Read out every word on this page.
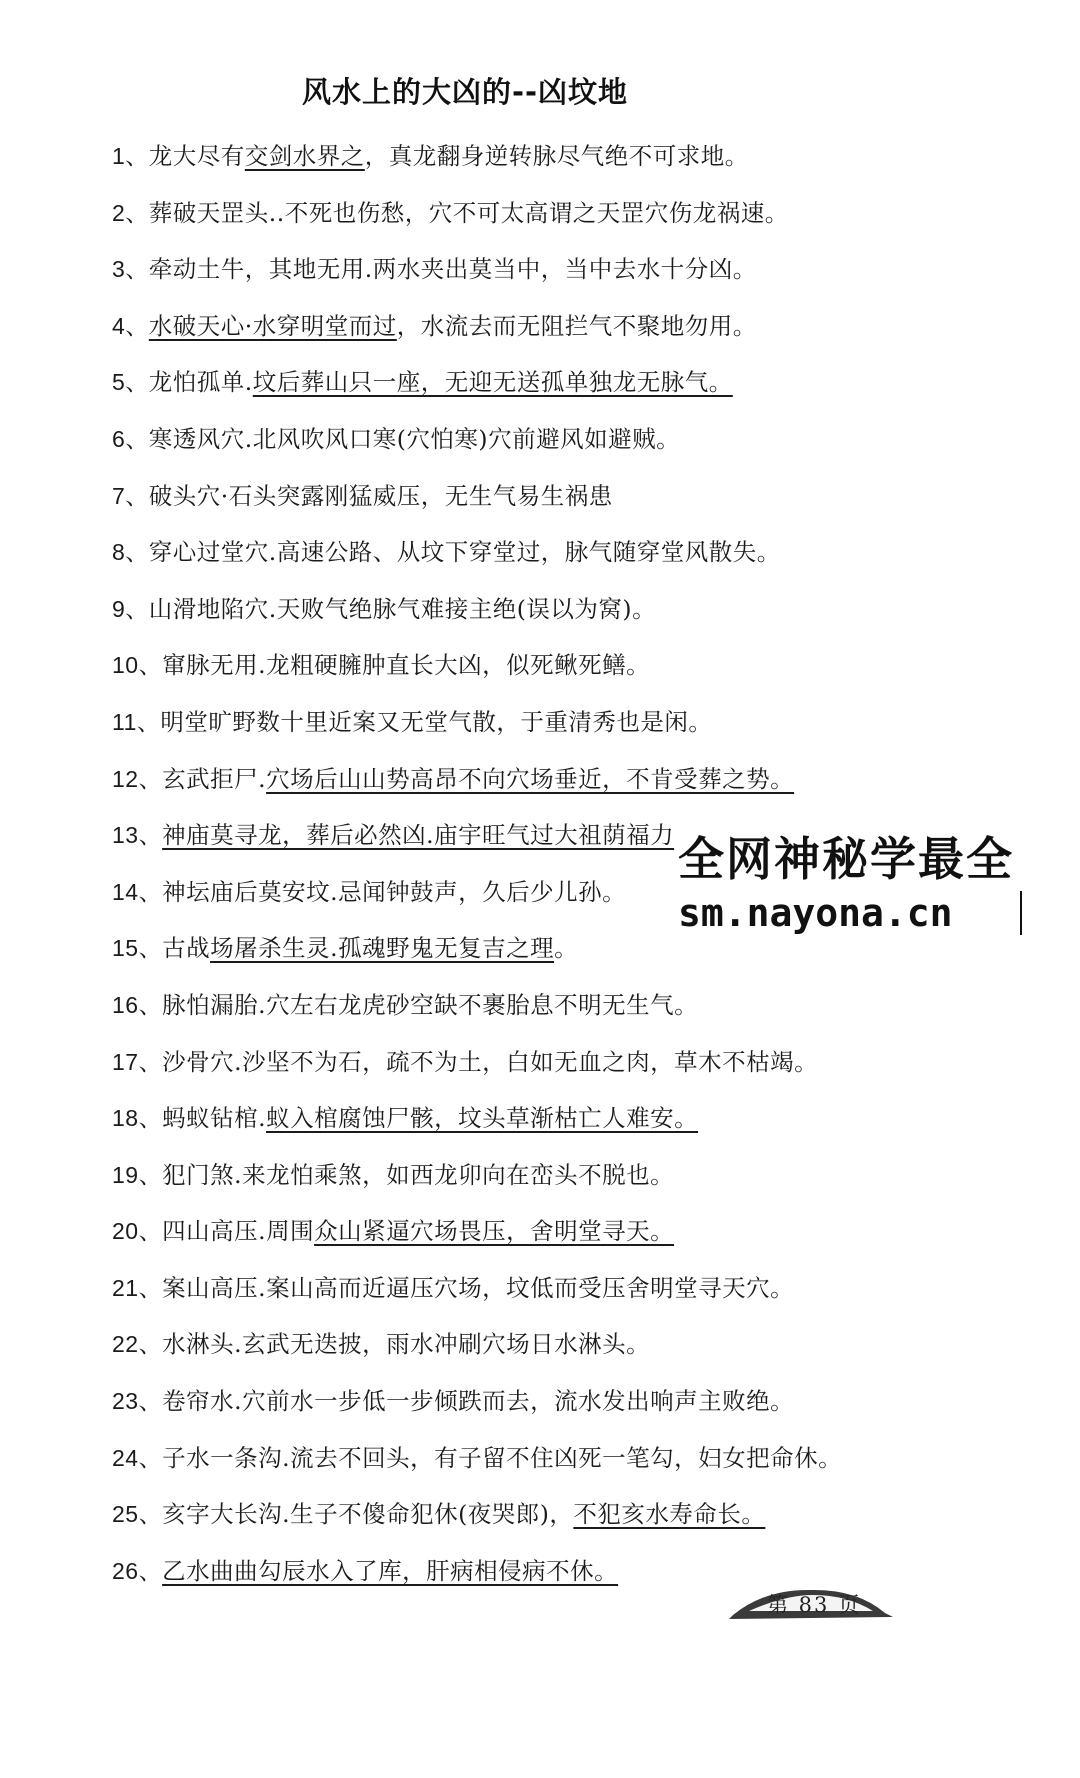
风水上的大凶的--凶坟地
1、龙大尽有交剑水界之，真龙翻身逆转脉尽气绝不可求地。
2、葬破天罡头..不死也伤愁，穴不可太高谓之天罡穴伤龙祸速。
3、牵动土牛，其地无用.两水夹出莫当中，当中去水十分凶。
4、水破天心·水穿明堂而过，水流去而无阻拦气不聚地勿用。
5、龙怕孤单.坟后葬山只一座，无迎无送孤单独龙无脉气。
6、寒透风穴.北风吹风口寒(穴怕寒)穴前避风如避贼。
7、破头穴·石头突露刚猛威压，无生气易生祸患
8、穿心过堂穴.高速公路、从坟下穿堂过，脉气随穿堂风散失。
9、山滑地陷穴.天败气绝脉气难接主绝(误以为窝)。
10、窜脉无用.龙粗硬臃肿直长大凶，似死鳅死鳝。
11、明堂旷野数十里近案又无堂气散，于重清秀也是闲。
12、玄武拒尸.穴场后山山势高昂不向穴场垂近，不肯受葬之势。
13、神庙莫寻龙，葬后必然凶.庙宇旺气过大祖荫福力
14、神坛庙后莫安坟.忌闻钟鼓声，久后少儿孙。
15、古战场屠杀生灵.孤魂野鬼无复吉之理。
16、脉怕漏胎.穴左右龙虎砂空缺不裹胎息不明无生气。
17、沙骨穴.沙坚不为石，疏不为土，白如无血之肉，草木不枯竭。
18、蚂蚁钻棺.蚁入棺腐蚀尸骸，坟头草渐枯亡人难安。
19、犯门煞.来龙怕乘煞，如西龙卯向在峦头不脱也。
20、四山高压.周围众山紧逼穴场畏压，舍明堂寻天。
21、案山高压.案山高而近逼压穴场，坟低而受压舍明堂寻天穴。
22、水淋头.玄武无迭披，雨水冲刷穴场日水淋头。
23、卷帘水.穴前水一步低一步倾跌而去，流水发出响声主败绝。
24、子水一条沟.流去不回头，有子留不住凶死一笔勾，妇女把命休。
25、亥字大长沟.生子不傻命犯休(夜哭郎)，不犯亥水寿命长。
26、乙水曲曲勾辰水入了库，肝病相侵病不休。
全网神秘学最全
sm.nayona.cn
第 83 页
